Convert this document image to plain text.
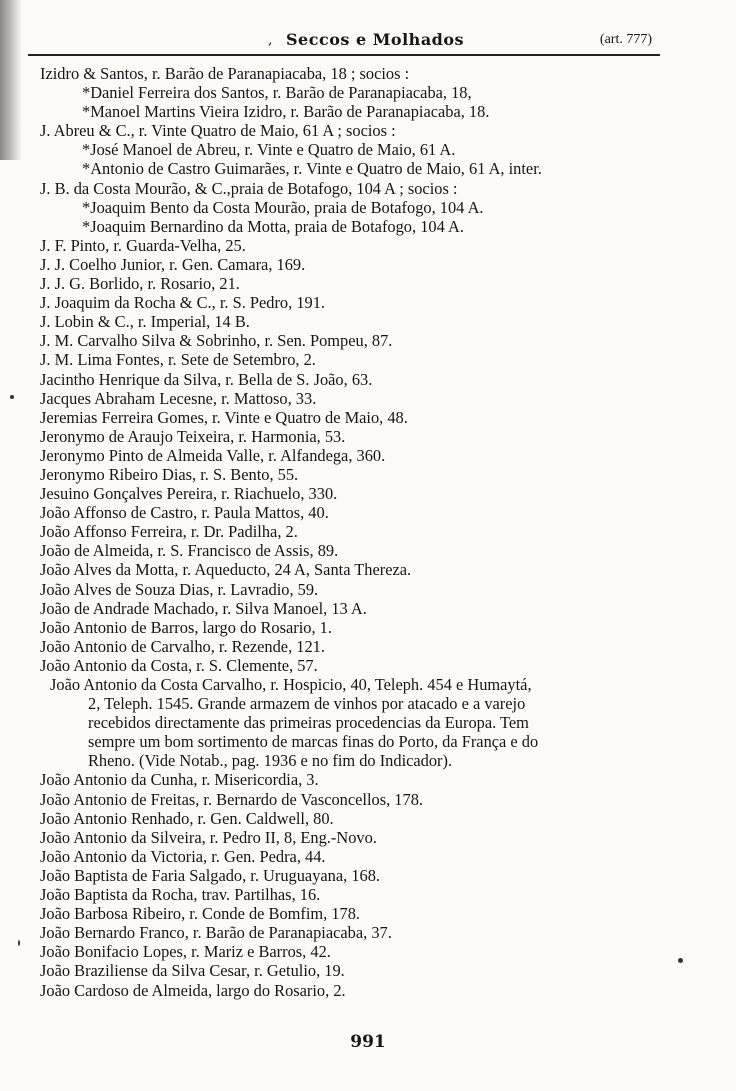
, Seccos e Molhados	(art. 777)
Izidro & Santos, r. Barão de Paranapiacaba, 18 ; socios :
*Daniel Ferreira dos Santos, r. Barão de Paranapiacaba, 18,
*Manoel Martins Vieira Izidro, r. Barão de Paranapiacaba, 18.
J. Abreu & C., r. Vinte Quatro de Maio, 61 A ; socios :
*José Manoel de Abreu, r. Vinte e Quatro de Maio, 61 A.
*Antonio de Castro Guimarães, r. Vinte e Quatro de Maio, 61 A, inter.
J. B. da Costa Mourão, & C.,praia de Botafogo, 104 A ; socios :
*Joaquim Bento da Costa Mourão, praia de Botafogo, 104 A.
*Joaquim Bernardino da Motta, praia de Botafogo, 104 A.
J. F. Pinto, r. Guarda-Velha, 25.
J. J. Coelho Junior, r. Gen. Camara, 169.
J. J. G. Borlido, r. Rosario, 21.
J. Joaquim da Rocha & C., r. S. Pedro, 191.
J. Lobin & C., r. Imperial, 14 B.
J. M. Carvalho Silva & Sobrinho, r. Sen. Pompeu, 87.
J. M. Lima Fontes, r. Sete de Setembro, 2.
Jacintho Henrique da Silva, r. Bella de S. João, 63.
Jacques Abraham Lecesne, r. Mattoso, 33.
Jeremias Ferreira Gomes, r. Vinte e Quatro de Maio, 48.
Jeronymo de Araujo Teixeira, r. Harmonia, 53.
Jeronymo Pinto de Almeida Valle, r. Alfandega, 360.
Jeronymo Ribeiro Dias, r. S. Bento, 55.
Jesuino Gonçalves Pereira, r. Riachuelo, 330.
João Affonso de Castro, r. Paula Mattos, 40.
João Affonso Ferreira, r. Dr. Padilha, 2.
João de Almeida, r. S. Francisco de Assis, 89.
João Alves da Motta, r. Aqueducto, 24 A, Santa Thereza.
João Alves de Souza Dias, r. Lavradio, 59.
João de Andrade Machado, r. Silva Manoel, 13 A.
João Antonio de Barros, largo do Rosario, 1.
João Antonio de Carvalho, r. Rezende, 121.
João Antonio da Costa, r. S. Clemente, 57.
João Antonio da Costa Carvalho, r. Hospicio, 40, Teleph. 454 e Humaytá,
2, Teleph. 1545. Grande armazem de vinhos por atacado e a varejo
recebidos directamente das primeiras procedencias da Europa. Tem
sempre um bom sortimento de marcas finas do Porto, da França e do
Rheno. (Vide Notab., pag. 1936 e no fim do Indicador).
João Antonio da Cunha, r. Misericordia, 3.
João Antonio de Freitas, r. Bernardo de Vasconcellos, 178.
João Antonio Renhado, r. Gen. Caldwell, 80.
João Antonio da Silveira, r. Pedro II, 8, Eng.-Novo.
João Antonio da Victoria, r. Gen. Pedra, 44.
João Baptista de Faria Salgado, r. Uruguayana, 168.
João Baptista da Rocha, trav. Partilhas, 16.
João Barbosa Ribeiro, r. Conde de Bomfim, 178.
João Bernardo Franco, r. Barão de Paranapiacaba, 37.
João Bonifacio Lopes, r. Mariz e Barros, 42.
João Braziliense da Silva Cesar, r. Getulio, 19.
João Cardoso de Almeida, largo do Rosario, 2.
991
